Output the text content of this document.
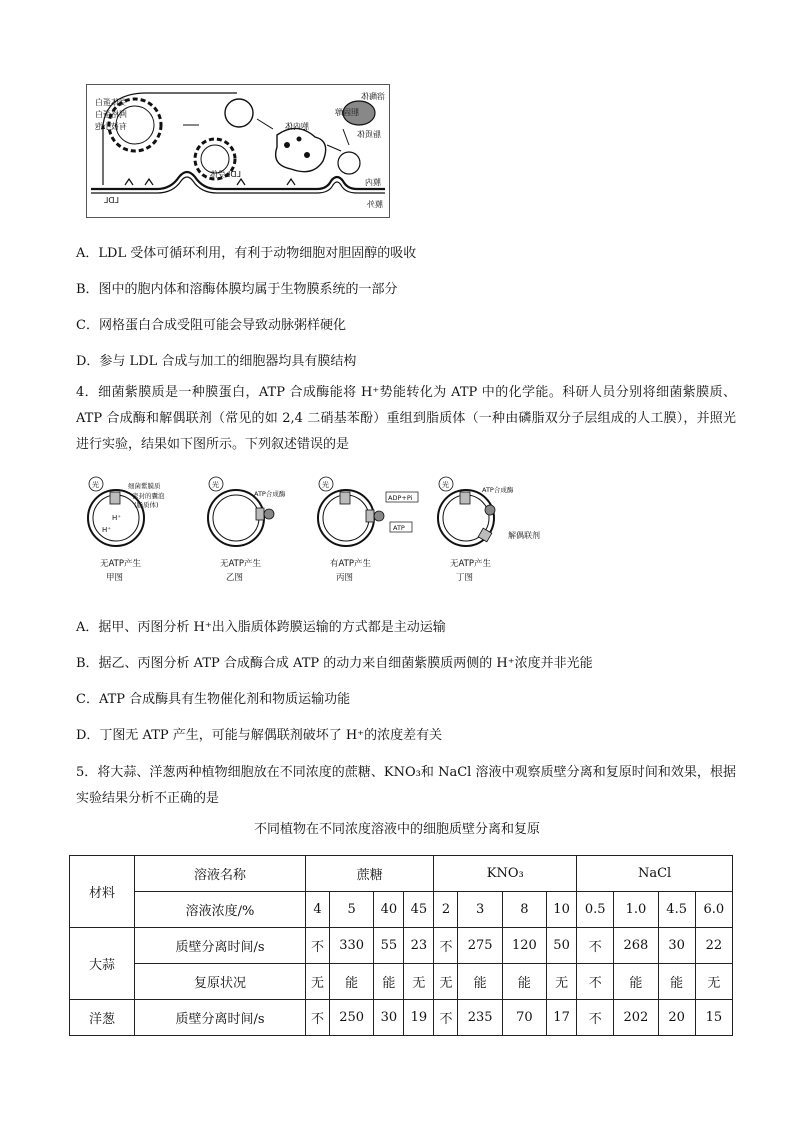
受体蛋白
网格蛋白
有被小泡
LDL受体
LDL
胞内体
溶酶体
膜外
膜内
脂质体
胆固醇
A．LDL 受体可循环利用，有利于动物细胞对胆固醇的吸收
B．图中的胞内体和溶酶体膜均属于生物膜系统的一部分
C．网格蛋白合成受阻可能会导致动脉粥样硬化
D．参与 LDL 合成与加工的细胞器均具有膜结构
4．细菌紫膜质是一种膜蛋白，ATP 合成酶能将 H⁺势能转化为 ATP 中的化学能。科研人员分别将细菌紫膜质、ATP 合成酶和解偶联剂（常见的如 2,4 二硝基苯酚）重组到脂质体（一种由磷脂双分子层组成的人工膜），并照光进行实验，结果如下图所示。下列叙述错误的是
光	细菌紫膜质
密封的囊泡
(脂质体)
H⁺
H⁺
无ATP产生
甲图
光
ATP合成酶
无ATP产生
乙图
光
ADP+Pi
ATP
有ATP产生
丙图
光
ATP合成酶
解偶联剂
无ATP产生
丁图
A．据甲、丙图分析 H⁺出入脂质体跨膜运输的方式都是主动运输
B．据乙、丙图分析 ATP 合成酶合成 ATP 的动力来自细菌紫膜质两侧的 H⁺浓度并非光能
C．ATP 合成酶具有生物催化剂和物质运输功能
D．丁图无 ATP 产生，可能与解偶联剂破坏了 H⁺的浓度差有关
5．将大蒜、洋葱两种植物细胞放在不同浓度的蔗糖、KNO₃和 NaCl 溶液中观察质壁分离和复原时间和效果，根据实验结果分析不正确的是
不同植物在不同浓度溶液中的细胞质壁分离和复原
材料	溶液名称	蔗糖				KNO₃				NaCl			
	溶液浓度/%	4	5	40	45	2	3	8	10	0.5	1.0	4.5	6.0
大蒜	质壁分离时间/s	不	330	55	23	不	275	120	50	不	268	30	22
	复原状况	无	能	能	无	无	能	能	无	不	能	能	无
洋葱	质壁分离时间/s	不	250	30	19	不	235	70	17	不	202	20	15
